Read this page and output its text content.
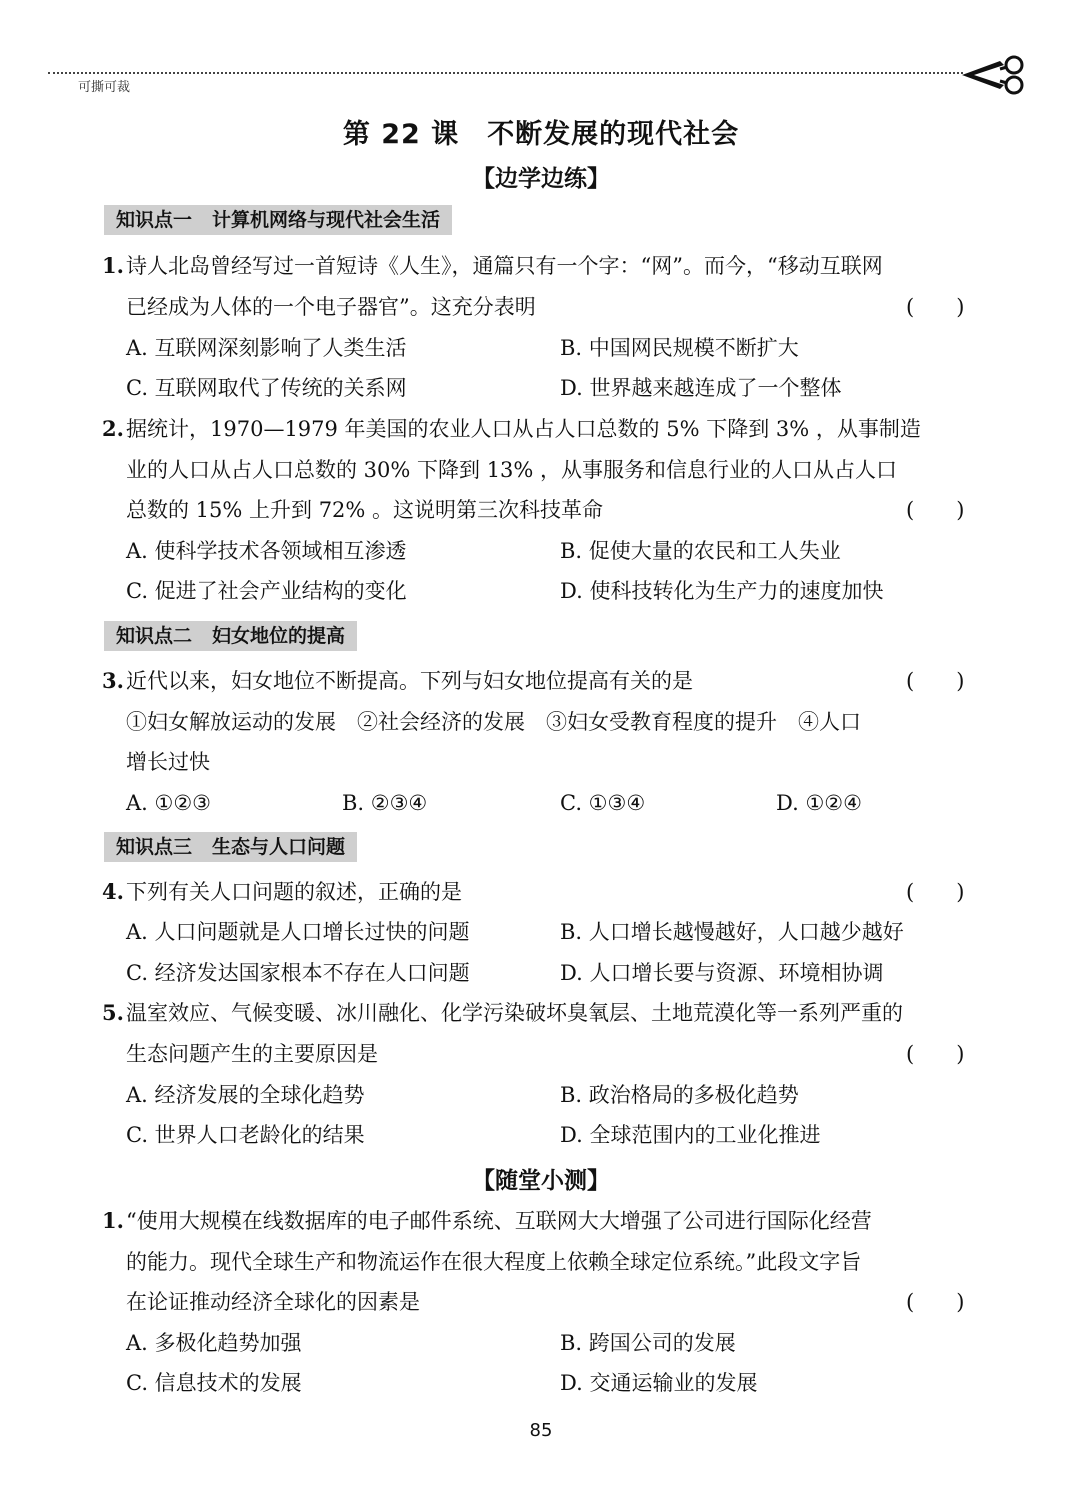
可撕可裁
第 22 课 不断发展的现代社会
【边学边练】
知识点一 计算机网络与现代社会生活
1. 诗人北岛曾经写过一首短诗《人生》，通篇只有一个字：“网”。而今，“移动互联网
已经成为人体的一个电子器官”。这充分表明	( )
A. 互联网深刻影响了人类生活	B. 中国网民规模不断扩大
C. 互联网取代了传统的关系网	D. 世界越来越连成了一个整体
2. 据统计，1970—1979 年美国的农业人口从占人口总数的 5% 下降到 3% ，从事制造
业的人口从占人口总数的 30% 下降到 13% ，从事服务和信息行业的人口从占人口
总数的 15% 上升到 72% 。这说明第三次科技革命	( )
A. 使科学技术各领域相互渗透	B. 促使大量的农民和工人失业
C. 促进了社会产业结构的变化	D. 使科技转化为生产力的速度加快
知识点二 妇女地位的提高
3. 近代以来，妇女地位不断提高。下列与妇女地位提高有关的是	( )
①妇女解放运动的发展　②社会经济的发展　③妇女受教育程度的提升　④人口
增长过快
A. ①②③	B. ②③④	C. ①③④	D. ①②④
知识点三 生态与人口问题
4. 下列有关人口问题的叙述，正确的是	( )
A. 人口问题就是人口增长过快的问题	B. 人口增长越慢越好，人口越少越好
C. 经济发达国家根本不存在人口问题	D. 人口增长要与资源、环境相协调
5. 温室效应、气候变暖、冰川融化、化学污染破坏臭氧层、土地荒漠化等一系列严重的
生态问题产生的主要原因是	( )
A. 经济发展的全球化趋势	B. 政治格局的多极化趋势
C. 世界人口老龄化的结果	D. 全球范围内的工业化推进
【随堂小测】
1. “使用大规模在线数据库的电子邮件系统、互联网大大增强了公司进行国际化经营
的能力。现代全球生产和物流运作在很大程度上依赖全球定位系统。”此段文字旨
在论证推动经济全球化的因素是	( )
A. 多极化趋势加强	B. 跨国公司的发展
C. 信息技术的发展	D. 交通运输业的发展
85
